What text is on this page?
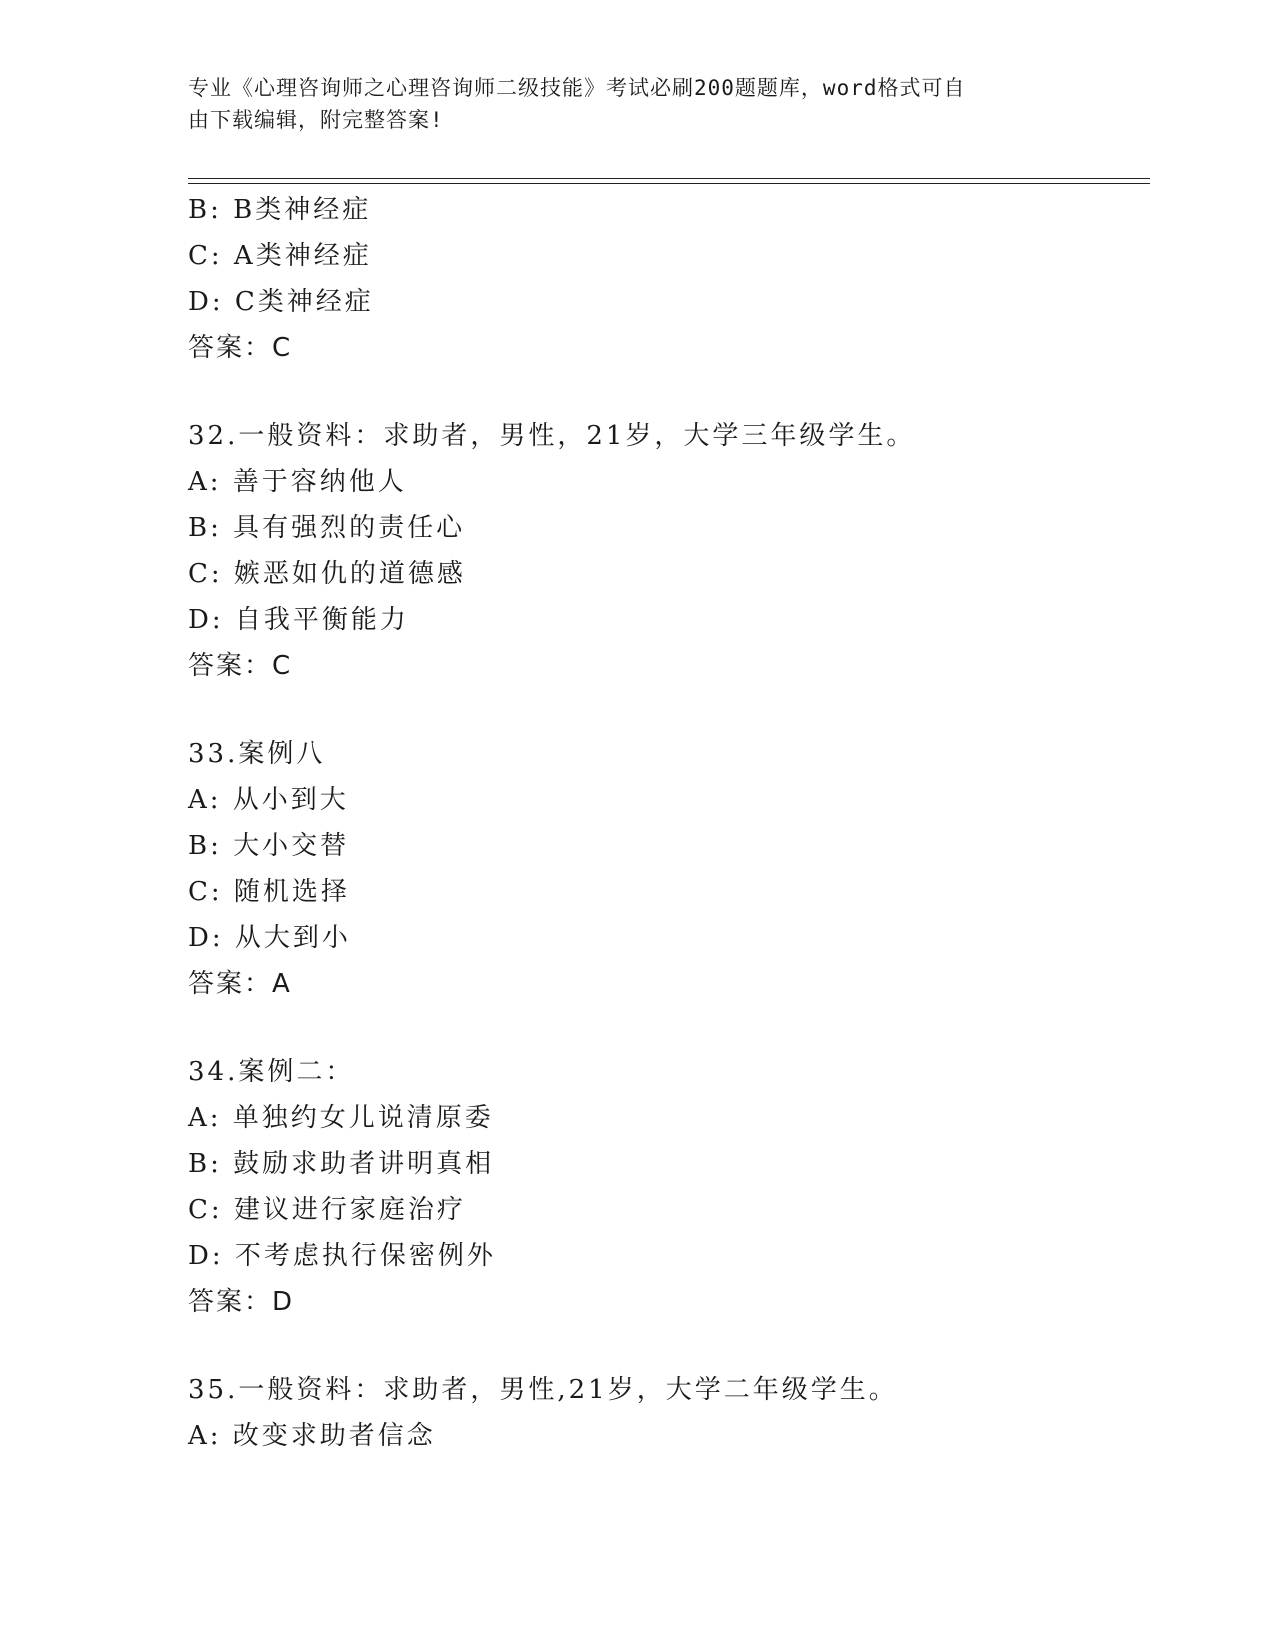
专业《心理咨询师之心理咨询师二级技能》考试必刷200题题库，word格式可自
由下载编辑，附完整答案!
B: B类神经症
C: A类神经症
D: C类神经症
答案：C
32.一般资料：求助者，男性，21岁，大学三年级学生。
A: 善于容纳他人
B: 具有强烈的责任心
C: 嫉恶如仇的道德感
D: 自我平衡能力
答案：C
33.案例八
A: 从小到大
B: 大小交替
C: 随机选择
D: 从大到小
答案：A
34.案例二：
A: 单独约女儿说清原委
B: 鼓励求助者讲明真相
C: 建议进行家庭治疗
D: 不考虑执行保密例外
答案：D
35.一般资料：求助者，男性,21岁，大学二年级学生。
A: 改变求助者信念
